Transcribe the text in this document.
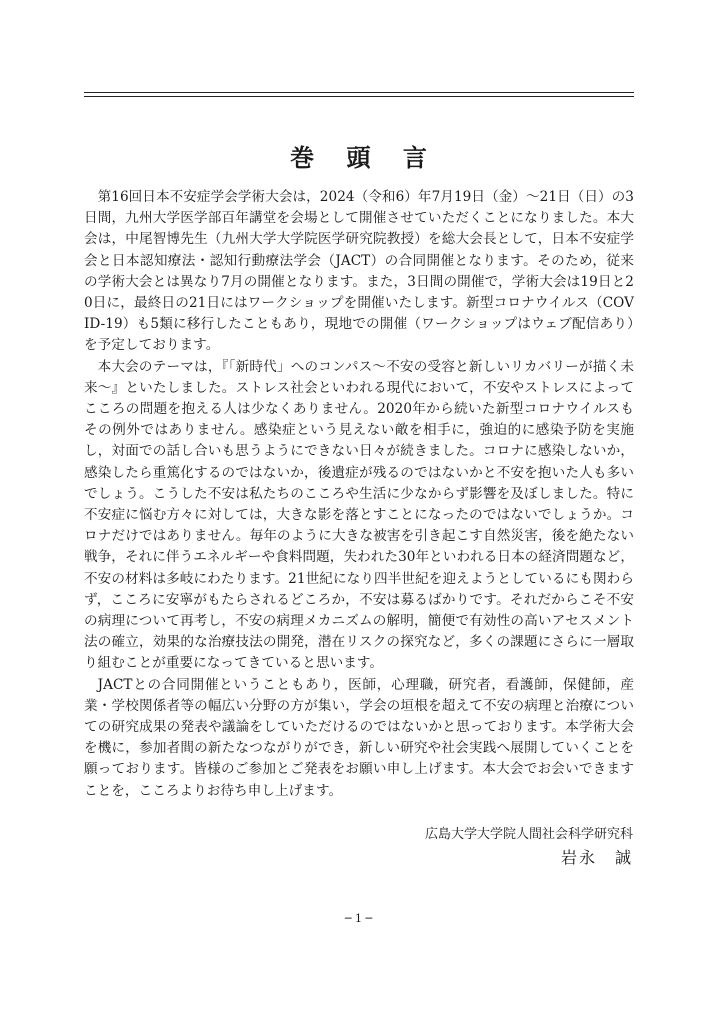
巻 頭 言

第16回日本不安症学会学術大会は，2024（令和6）年7月19日（金）～21日（日）の3日間，九州大学医学部百年講堂を会場として開催させていただくことになりました。本大会は，中尾智博先生（九州大学大学院医学研究院教授）を総大会長として，日本不安症学会と日本認知療法・認知行動療法学会（JACT）の合同開催となります。そのため，従来の学術大会とは異なり7月の開催となります。また，3日間の開催で，学術大会は19日と20日に，最終日の21日にはワークショップを開催いたします。新型コロナウイルス（COVID-19）も5類に移行したこともあり，現地での開催（ワークショップはウェブ配信あり）を予定しております。

本大会のテーマは，『「新時代」へのコンパス～不安の受容と新しいリカバリーが描く未来～』といたしました。ストレス社会といわれる現代において，不安やストレスによってこころの問題を抱える人は少なくありません。2020年から続いた新型コロナウイルスもその例外ではありません。感染症という見えない敵を相手に，強迫的に感染予防を実施し，対面での話し合いも思うようにできない日々が続きました。コロナに感染しないか，感染したら重篤化するのではないか，後遺症が残るのではないかと不安を抱いた人も多いでしょう。こうした不安は私たちのこころや生活に少なからず影響を及ぼしました。特に不安症に悩む方々に対しては，大きな影を落とすことになったのではないでしょうか。コロナだけではありません。毎年のように大きな被害を引き起こす自然災害，後を絶たない戦争，それに伴うエネルギーや食料問題，失われた30年といわれる日本の経済問題など，不安の材料は多岐にわたります。21世紀になり四半世紀を迎えようとしているにも関わらず，こころに安寧がもたらされるどころか，不安は募るばかりです。それだからこそ不安の病理について再考し，不安の病理メカニズムの解明，簡便で有効性の高いアセスメント法の確立，効果的な治療技法の開発，潜在リスクの探究など，多くの課題にさらに一層取り組むことが重要になってきていると思います。

JACTとの合同開催ということもあり，医師，心理職，研究者，看護師，保健師，産業・学校関係者等の幅広い分野の方が集い，学会の垣根を超えて不安の病理と治療についての研究成果の発表や議論をしていただけるのではないかと思っております。本学術大会を機に，参加者間の新たなつながりができ，新しい研究や社会実践へ展開していくことを願っております。皆様のご参加とご発表をお願い申し上げます。本大会でお会いできますことを，こころよりお待ち申し上げます。

広島大学大学院人間社会科学研究科
岩永　誠
─ 1 ─
